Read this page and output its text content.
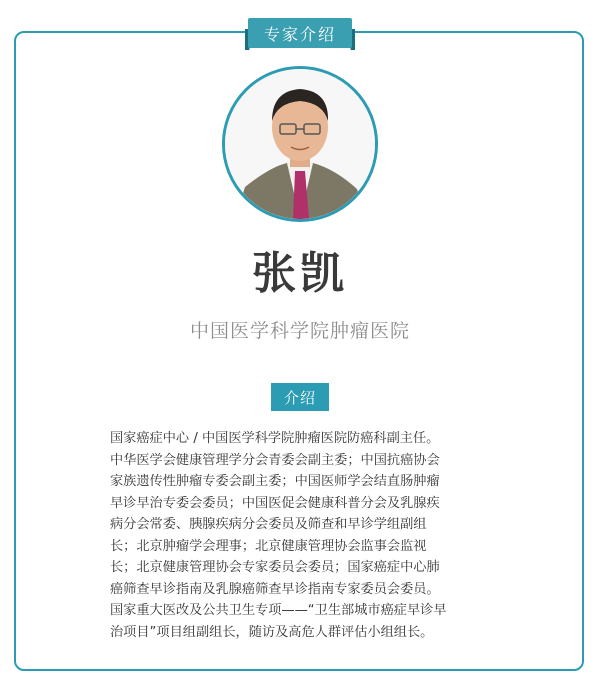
专家介绍
张凯
中国医学科学院肿瘤医院
介绍

国家癌症中心 / 中国医学科学院肿瘤医院防癌科副主任。

中华医学会健康管理学分会青委会副主委；中国抗癌协会

家族遗传性肿瘤专委会副主委；中国医师学会结直肠肿瘤

早诊早治专委会委员；中国医促会健康科普分会及乳腺疾

病分会常委、胰腺疾病分会委员及筛查和早诊学组副组

长；北京肿瘤学会理事；北京健康管理协会监事会监视

长；北京健康管理协会专家委员会委员；国家癌症中心肺

癌筛查早诊指南及乳腺癌筛查早诊指南专家委员会委员。

国家重大医改及公共卫生专项——“卫生部城市癌症早诊早

治项目”项目组副组长，随访及高危人群评估小组组长。
